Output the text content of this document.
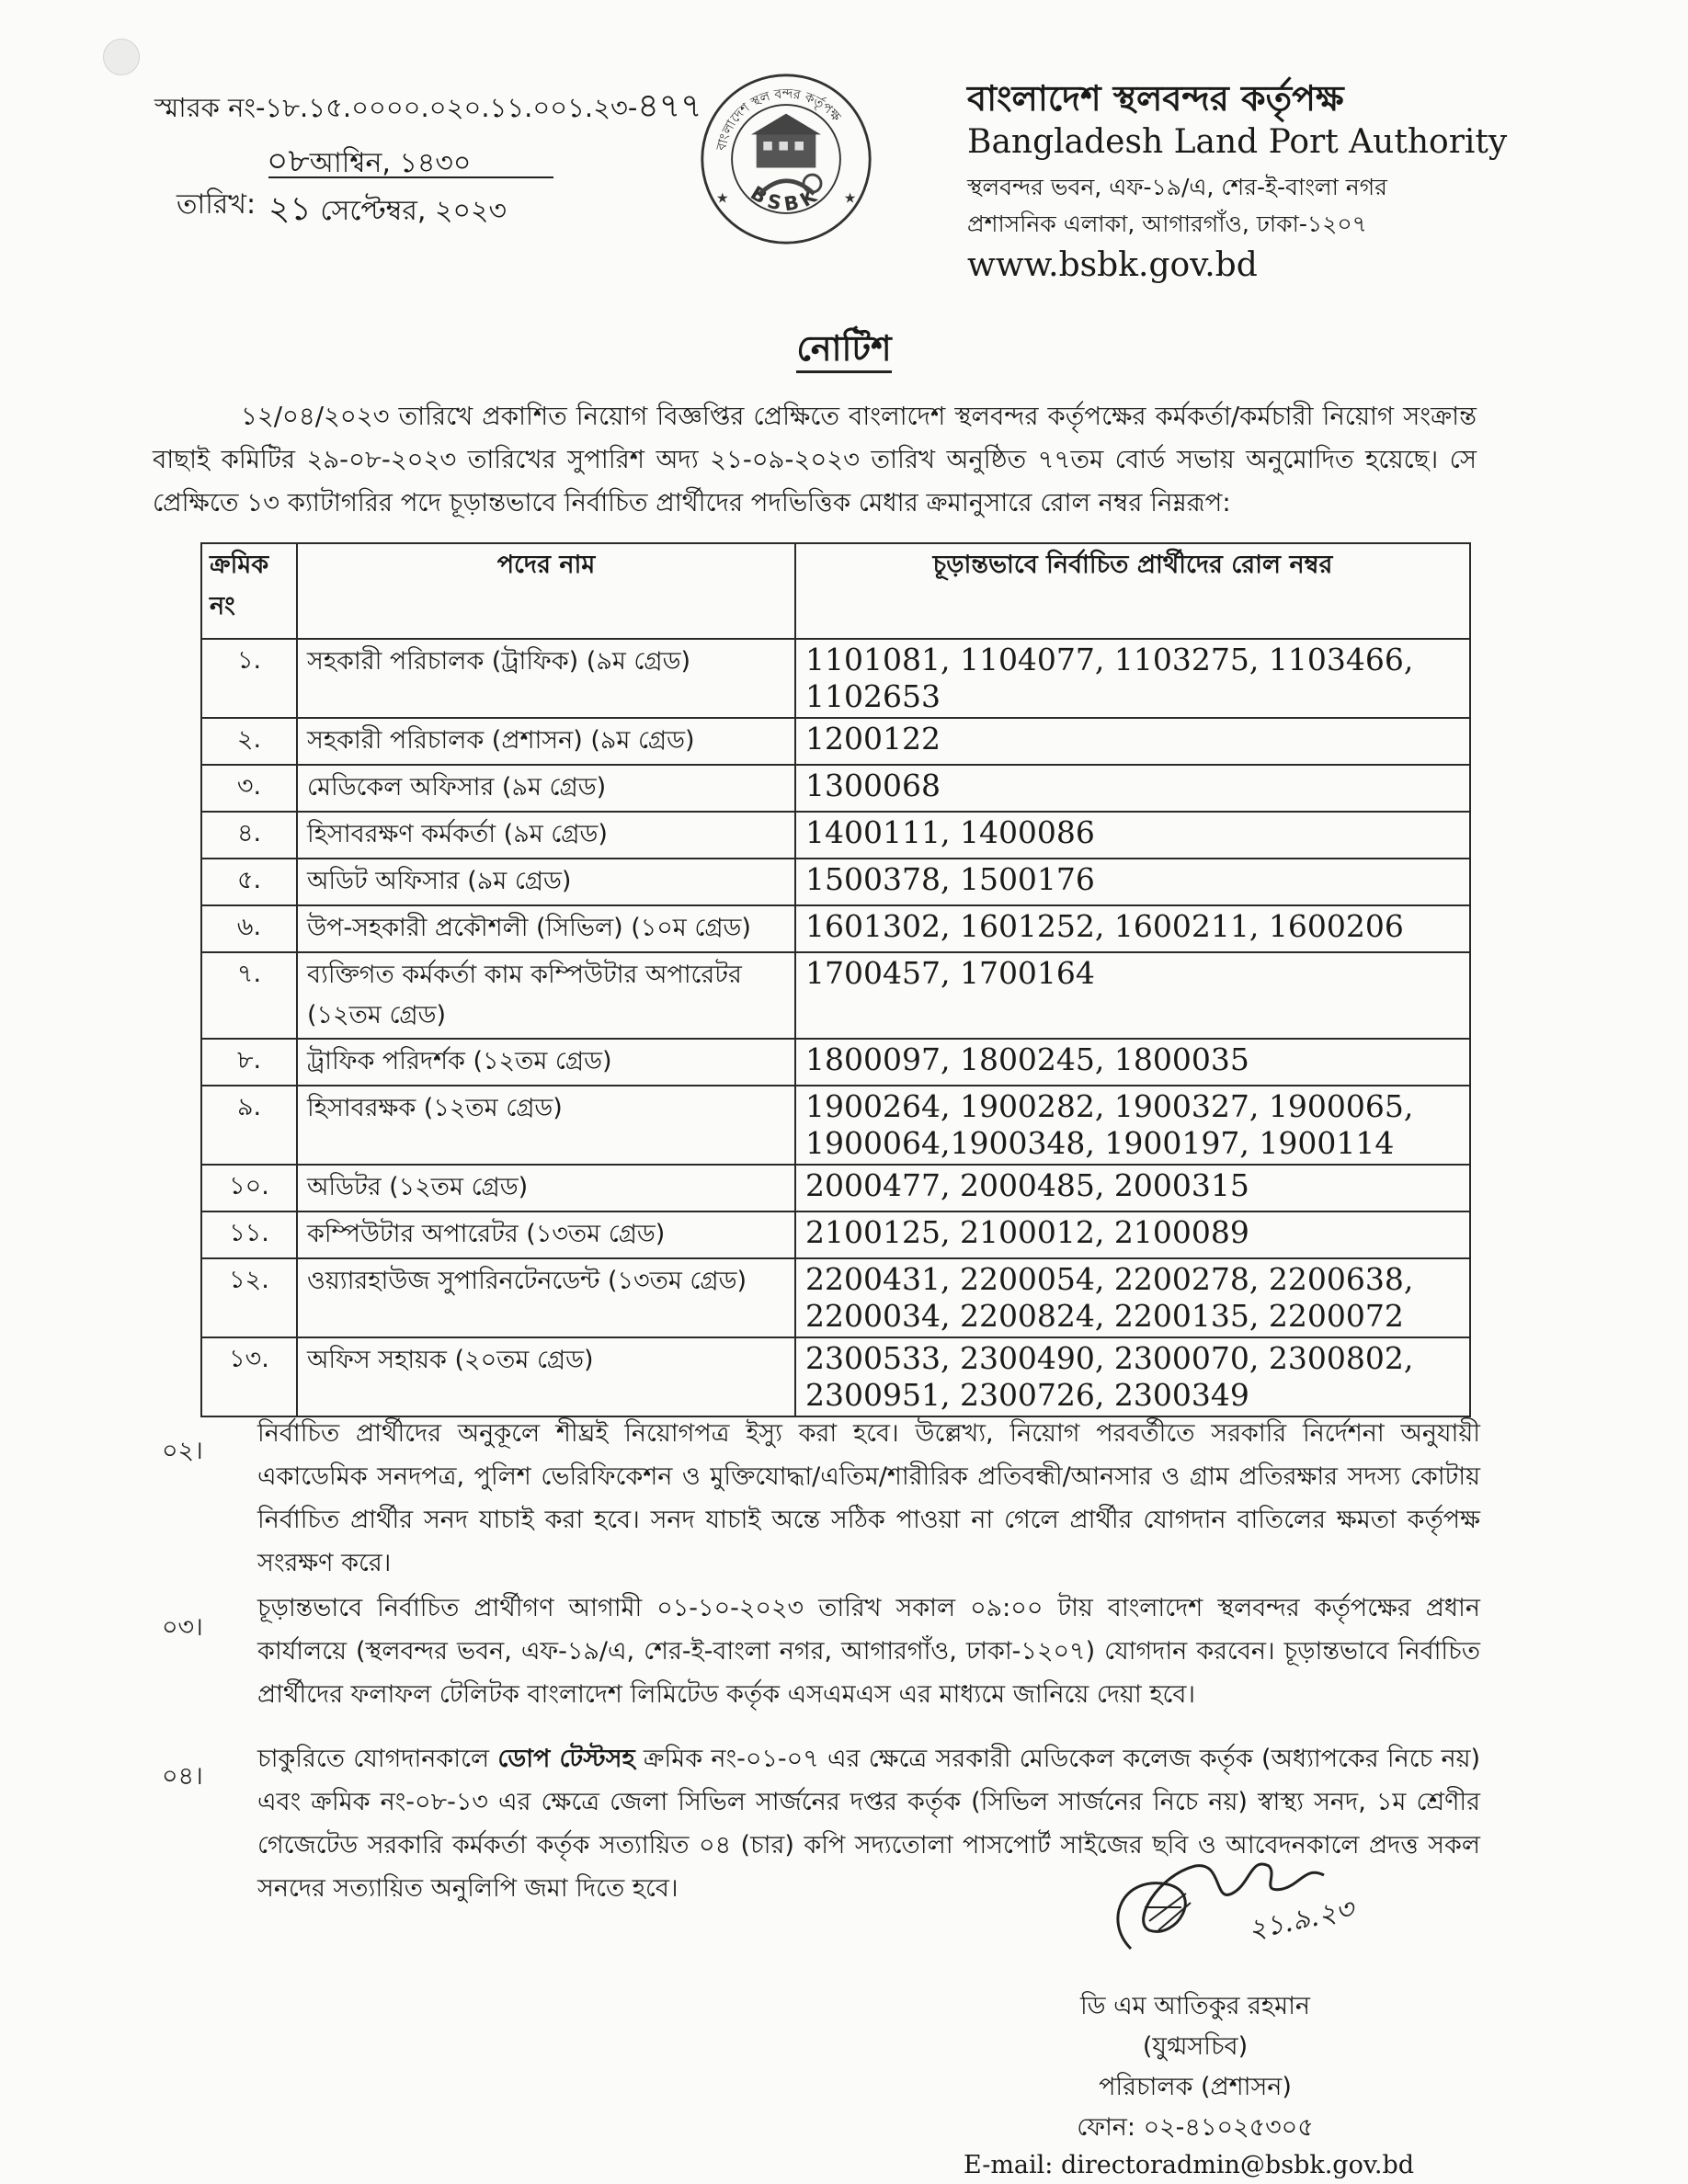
স্মারক নং-১৮.১৫.০০০০.০২০.১১.০০১.২৩-৪৭৭
০৮আশ্বিন, ১৪৩০
তারিখ: ২১ সেপ্টেম্বর, ২০২৩
বাংলাদেশ স্থল বন্দর কর্তৃপক্ষ
BSBK
★	★
বাংলাদেশ স্থলবন্দর কর্তৃপক্ষ
Bangladesh Land Port Authority
স্থলবন্দর ভবন, এফ-১৯/এ, শের-ই-বাংলা নগর
প্রশাসনিক এলাকা, আগারগাঁও, ঢাকা-১২০৭
www.bsbk.gov.bd
নোটিশ
১২/০৪/২০২৩ তারিখে প্রকাশিত নিয়োগ বিজ্ঞপ্তির প্রেক্ষিতে বাংলাদেশ স্থলবন্দর কর্তৃপক্ষের কর্মকর্তা/কর্মচারী নিয়োগ সংক্রান্ত বাছাই কমিটির ২৯-০৮-২০২৩ তারিখের সুপারিশ অদ্য ২১-০৯-২০২৩ তারিখ অনুষ্ঠিত ৭৭তম বোর্ড সভায় অনুমোদিত হয়েছে। সে প্রেক্ষিতে ১৩ ক্যাটাগরির পদে চূড়ান্তভাবে নির্বাচিত প্রার্থীদের পদভিত্তিক মেধার ক্রমানুসারে রোল নম্বর নিম্নরূপ:
ক্রমিক নং	পদের নাম	চূড়ান্তভাবে নির্বাচিত প্রার্থীদের রোল নম্বর
১.	সহকারী পরিচালক (ট্রাফিক) (৯ম গ্রেড)	1101081, 1104077, 1103275, 1103466, 1102653
২.	সহকারী পরিচালক (প্রশাসন) (৯ম গ্রেড)	1200122
৩.	মেডিকেল অফিসার (৯ম গ্রেড)	1300068
৪.	হিসাবরক্ষণ কর্মকর্তা (৯ম গ্রেড)	1400111, 1400086
৫.	অডিট অফিসার (৯ম গ্রেড)	1500378, 1500176
৬.	উপ-সহকারী প্রকৌশলী (সিভিল) (১০ম গ্রেড)	1601302, 1601252, 1600211, 1600206
৭.	ব্যক্তিগত কর্মকর্তা কাম কম্পিউটার অপারেটর (১২তম গ্রেড)	1700457, 1700164
৮.	ট্রাফিক পরিদর্শক (১২তম গ্রেড)	1800097, 1800245, 1800035
৯.	হিসাবরক্ষক (১২তম গ্রেড)	1900264, 1900282, 1900327, 1900065, 1900064,1900348, 1900197, 1900114
১০.	অডিটর (১২তম গ্রেড)	2000477, 2000485, 2000315
১১.	কম্পিউটার অপারেটর (১৩তম গ্রেড)	2100125, 2100012, 2100089
১২.	ওয়্যারহাউজ সুপারিনটেনডেন্ট (১৩তম গ্রেড)	2200431, 2200054, 2200278, 2200638, 2200034, 2200824, 2200135, 2200072
১৩.	অফিস সহায়ক (২০তম গ্রেড)	2300533, 2300490, 2300070, 2300802, 2300951, 2300726, 2300349
০২।
নির্বাচিত প্রার্থীদের অনুকূলে শীঘ্রই নিয়োগপত্র ইস্যু করা হবে। উল্লেখ্য, নিয়োগ পরবর্তীতে সরকারি নির্দেশনা অনুযায়ী একাডেমিক সনদপত্র, পুলিশ ভেরিফিকেশন ও মুক্তিযোদ্ধা/এতিম/শারীরিক প্রতিবন্ধী/আনসার ও গ্রাম প্রতিরক্ষার সদস্য কোটায় নির্বাচিত প্রার্থীর সনদ যাচাই করা হবে। সনদ যাচাই অন্তে সঠিক পাওয়া না গেলে প্রার্থীর যোগদান বাতিলের ক্ষমতা কর্তৃপক্ষ সংরক্ষণ করে।
০৩।
চূড়ান্তভাবে নির্বাচিত প্রার্থীগণ আগামী ০১-১০-২০২৩ তারিখ সকাল ০৯:০০ টায় বাংলাদেশ স্থলবন্দর কর্তৃপক্ষের প্রধান কার্যালয়ে (স্থলবন্দর ভবন, এফ-১৯/এ, শের-ই-বাংলা নগর, আগারগাঁও, ঢাকা-১২০৭) যোগদান করবেন। চূড়ান্তভাবে নির্বাচিত প্রার্থীদের ফলাফল টেলিটক বাংলাদেশ লিমিটেড কর্তৃক এসএমএস এর মাধ্যমে জানিয়ে দেয়া হবে।
০৪।
চাকুরিতে যোগদানকালে ডোপ টেস্টসহ ক্রমিক নং-০১-০৭ এর ক্ষেত্রে সরকারী মেডিকেল কলেজ কর্তৃক (অধ্যাপকের নিচে নয়) এবং ক্রমিক নং-০৮-১৩ এর ক্ষেত্রে জেলা সিভিল সার্জনের দপ্তর কর্তৃক (সিভিল সার্জনের নিচে নয়) স্বাস্থ্য সনদ, ১ম শ্রেণীর গেজেটেড সরকারি কর্মকর্তা কর্তৃক সত্যায়িত ০৪ (চার) কপি সদ্যতোলা পাসপোর্ট সাইজের ছবি ও আবেদনকালে প্রদত্ত সকল সনদের সত্যায়িত অনুলিপি জমা দিতে হবে।
২১.৯.২৩
ডি এম আতিকুর রহমান
(যুগ্মসচিব)
পরিচালক (প্রশাসন)
ফোন: ০২-৪১০২৫৩০৫
E-mail: directoradmin@bsbk.gov.bd
